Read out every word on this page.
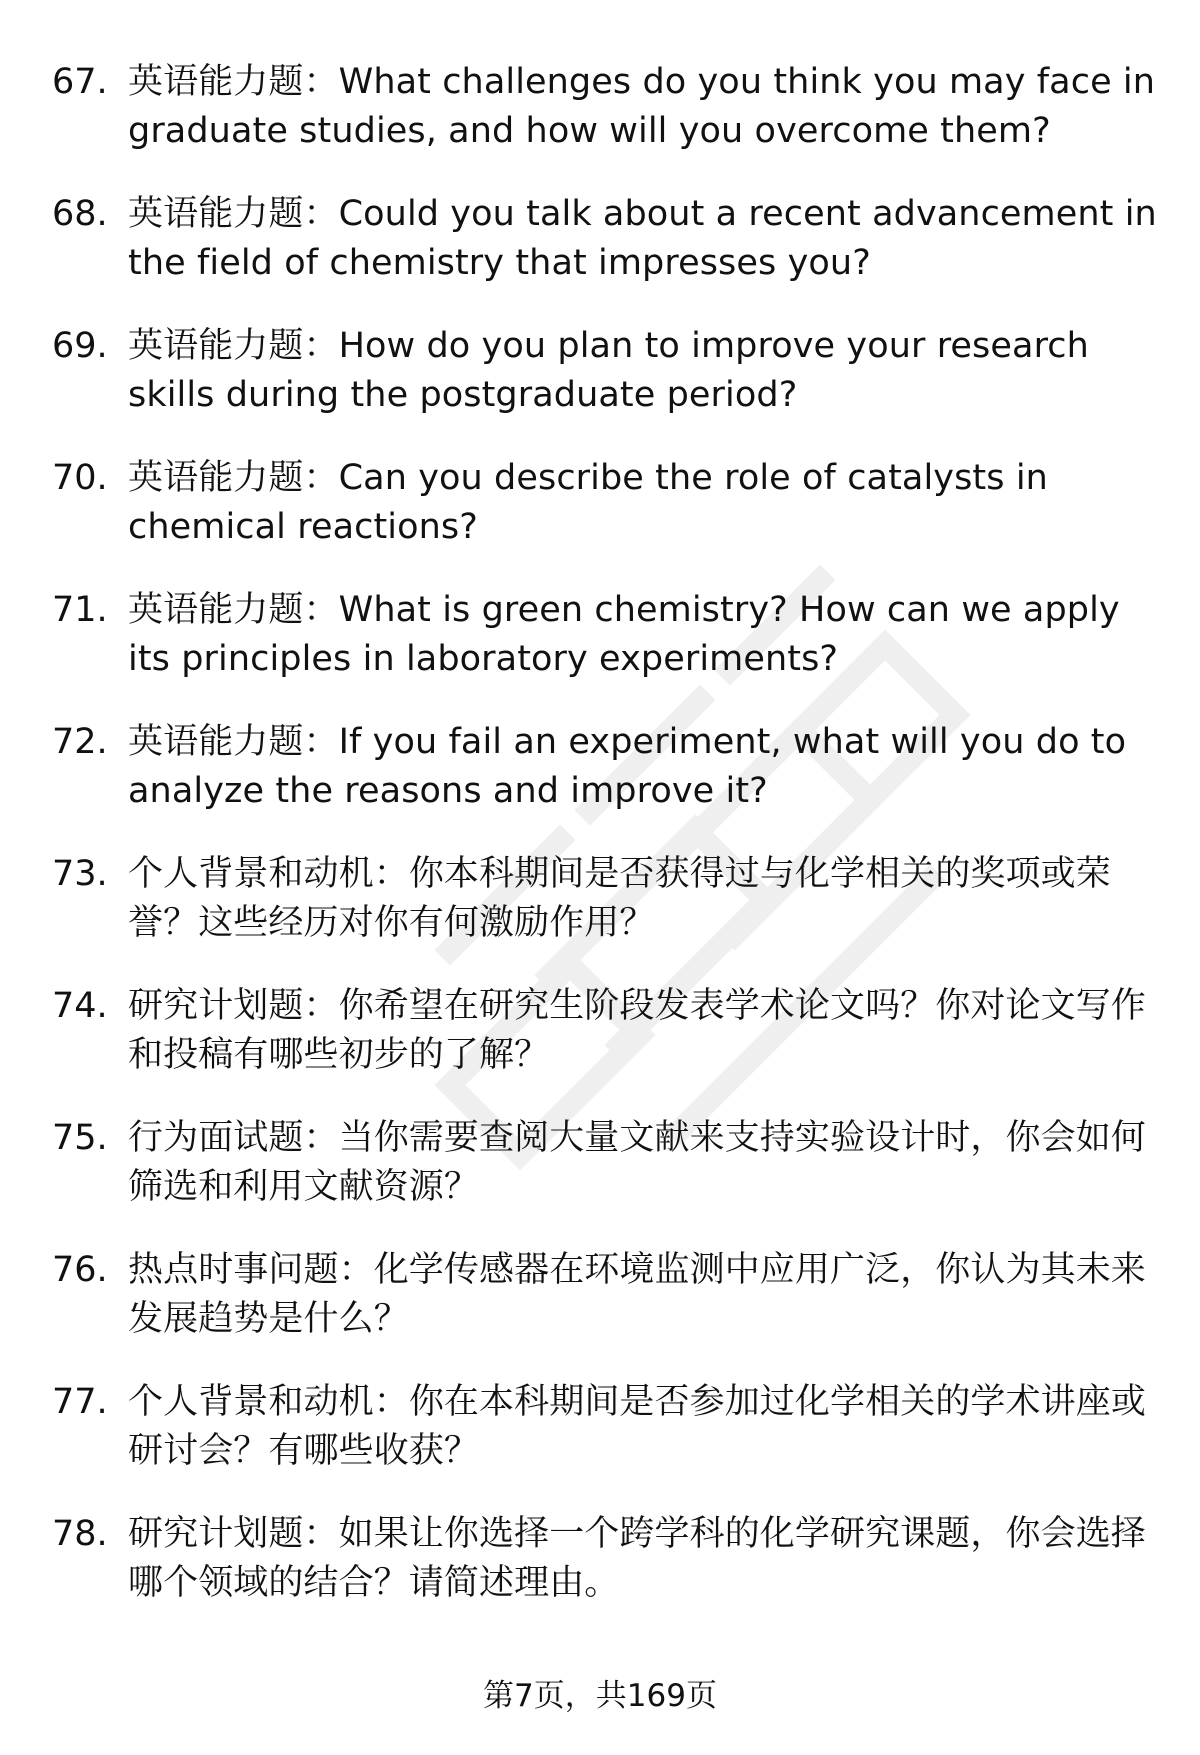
67. 英语能力题：What challenges do you think you may face in graduate studies, and how will you overcome them?
68. 英语能力题：Could you talk about a recent advancement in the field of chemistry that impresses you?
69. 英语能力题：How do you plan to improve your research skills during the postgraduate period?
70. 英语能力题：Can you describe the role of catalysts in chemical reactions?
71. 英语能力题：What is green chemistry? How can we apply its principles in laboratory experiments?
72. 英语能力题：If you fail an experiment, what will you do to analyze the reasons and improve it?
73. 个人背景和动机：你本科期间是否获得过与化学相关的奖项或荣誉？这些经历对你有何激励作用？
74. 研究计划题：你希望在研究生阶段发表学术论文吗？你对论文写作和投稿有哪些初步的了解？
75. 行为面试题：当你需要查阅大量文献来支持实验设计时，你会如何筛选和利用文献资源？
76. 热点时事问题：化学传感器在环境监测中应用广泛，你认为其未来发展趋势是什么？
77. 个人背景和动机：你在本科期间是否参加过化学相关的学术讲座或研讨会？有哪些收获？
78. 研究计划题：如果让你选择一个跨学科的化学研究课题，你会选择哪个领域的结合？请简述理由。
第7页，共169页
